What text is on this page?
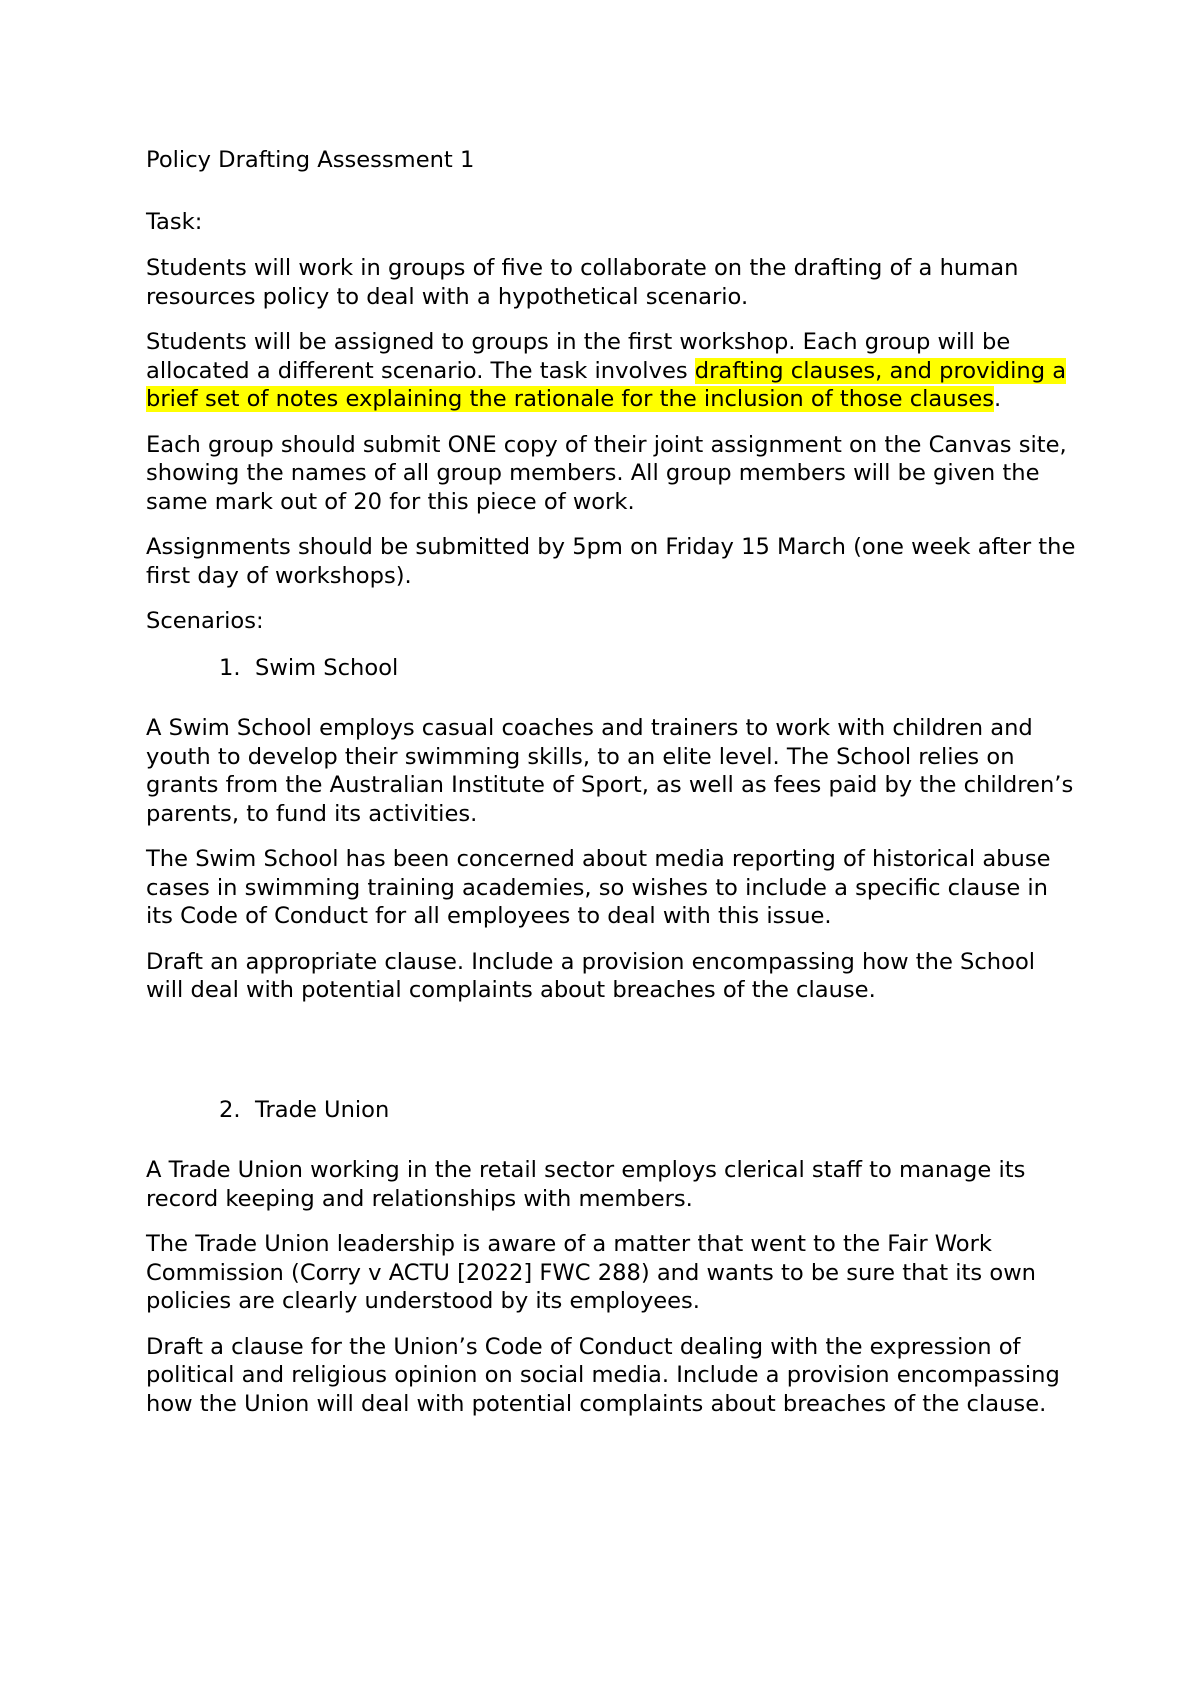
Policy Drafting Assessment 1

Task:

Students will work in groups of five to collaborate on the drafting of a human resources policy to deal with a hypothetical scenario.

Students will be assigned to groups in the first workshop. Each group will be allocated a different scenario. The task involves drafting clauses, and providing a brief set of notes explaining the rationale for the inclusion of those clauses.

Each group should submit ONE copy of their joint assignment on the Canvas site, showing the names of all group members. All group members will be given the same mark out of 20 for this piece of work.

Assignments should be submitted by 5pm on Friday 15 March (one week after the first day of workshops).

Scenarios:

1. Swim School

A Swim School employs casual coaches and trainers to work with children and youth to develop their swimming skills, to an elite level. The School relies on grants from the Australian Institute of Sport, as well as fees paid by the children’s parents, to fund its activities.

The Swim School has been concerned about media reporting of historical abuse cases in swimming training academies, so wishes to include a specific clause in its Code of Conduct for all employees to deal with this issue.

Draft an appropriate clause. Include a provision encompassing how the School will deal with potential complaints about breaches of the clause.

2. Trade Union

A Trade Union working in the retail sector employs clerical staff to manage its record keeping and relationships with members.

The Trade Union leadership is aware of a matter that went to the Fair Work Commission (Corry v ACTU [2022] FWC 288) and wants to be sure that its own policies are clearly understood by its employees.

Draft a clause for the Union’s Code of Conduct dealing with the expression of political and religious opinion on social media. Include a provision encompassing how the Union will deal with potential complaints about breaches of the clause.
